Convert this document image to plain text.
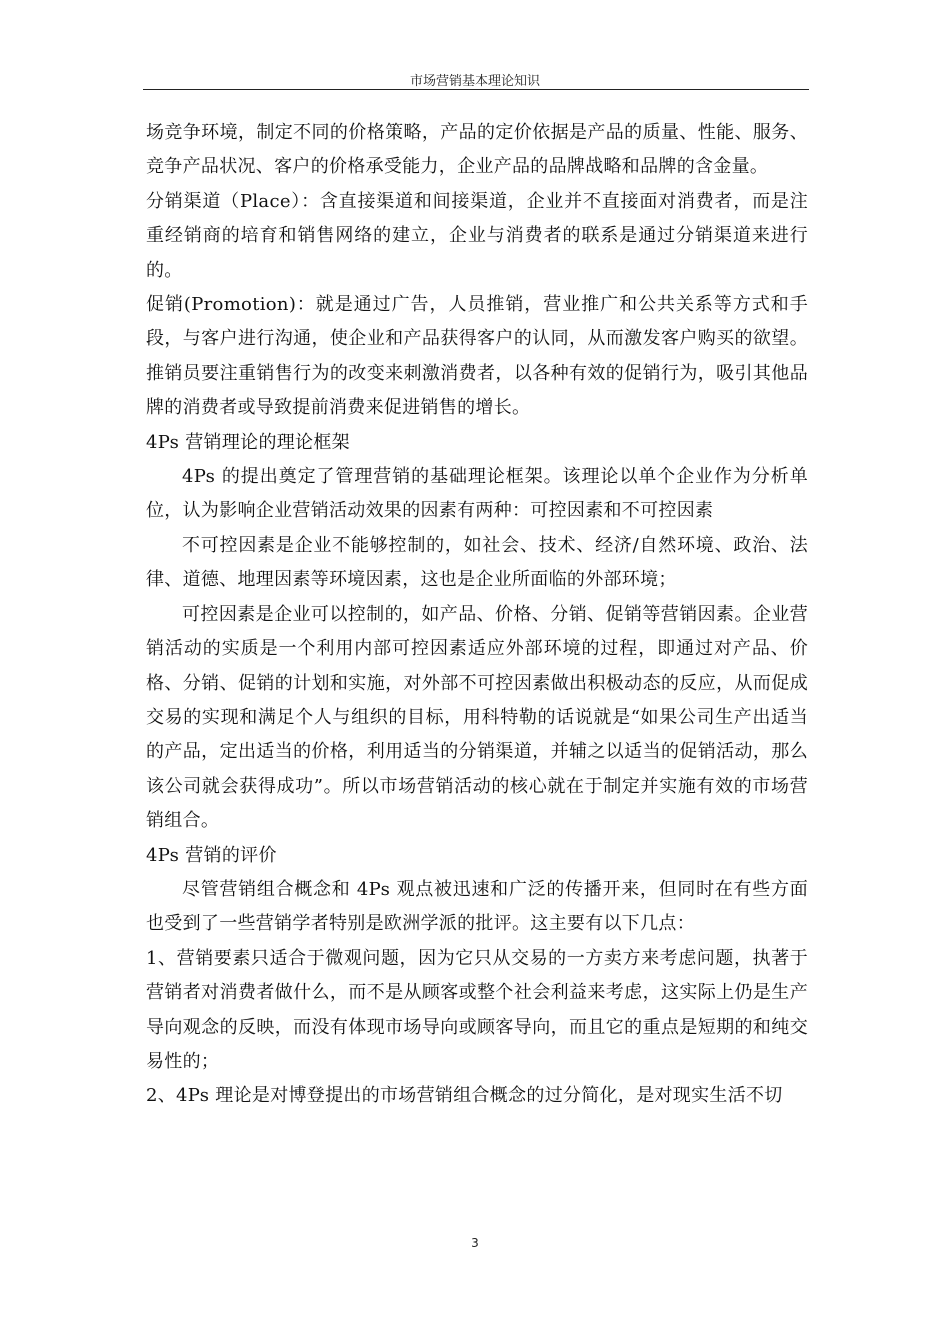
市场营销基本理论知识

场竞争环境，制定不同的价格策略，产品的定价依据是产品的质量、性能、服务、竞争产品状况、客户的价格承受能力，企业产品的品牌战略和品牌的含金量。

分销渠道（Place）：含直接渠道和间接渠道，企业并不直接面对消费者，而是注重经销商的培育和销售网络的建立，企业与消费者的联系是通过分销渠道来进行的。

促销(Promotion)：就是通过广告，人员推销，营业推广和公共关系等方式和手段，与客户进行沟通，使企业和产品获得客户的认同，从而激发客户购买的欲望。推销员要注重销售行为的改变来刺激消费者，以各种有效的促销行为，吸引其他品牌的消费者或导致提前消费来促进销售的增长。

4Ps 营销理论的理论框架

4Ps 的提出奠定了管理营销的基础理论框架。该理论以单个企业作为分析单位，认为影响企业营销活动效果的因素有两种：可控因素和不可控因素

不可控因素是企业不能够控制的，如社会、技术、经济/自然环境、政治、法律、道德、地理因素等环境因素，这也是企业所面临的外部环境；

可控因素是企业可以控制的，如产品、价格、分销、促销等营销因素。企业营销活动的实质是一个利用内部可控因素适应外部环境的过程，即通过对产品、价格、分销、促销的计划和实施，对外部不可控因素做出积极动态的反应，从而促成交易的实现和满足个人与组织的目标，用科特勒的话说就是“如果公司生产出适当的产品，定出适当的价格，利用适当的分销渠道，并辅之以适当的促销活动，那么该公司就会获得成功”。所以市场营销活动的核心就在于制定并实施有效的市场营销组合。

4Ps 营销的评价

尽管营销组合概念和 4Ps 观点被迅速和广泛的传播开来，但同时在有些方面也受到了一些营销学者特别是欧洲学派的批评。这主要有以下几点：

1、营销要素只适合于微观问题，因为它只从交易的一方卖方来考虑问题，执著于营销者对消费者做什么，而不是从顾客或整个社会利益来考虑，这实际上仍是生产导向观念的反映，而没有体现市场导向或顾客导向，而且它的重点是短期的和纯交易性的；

2、4Ps 理论是对博登提出的市场营销组合概念的过分简化，是对现实生活不切

3
